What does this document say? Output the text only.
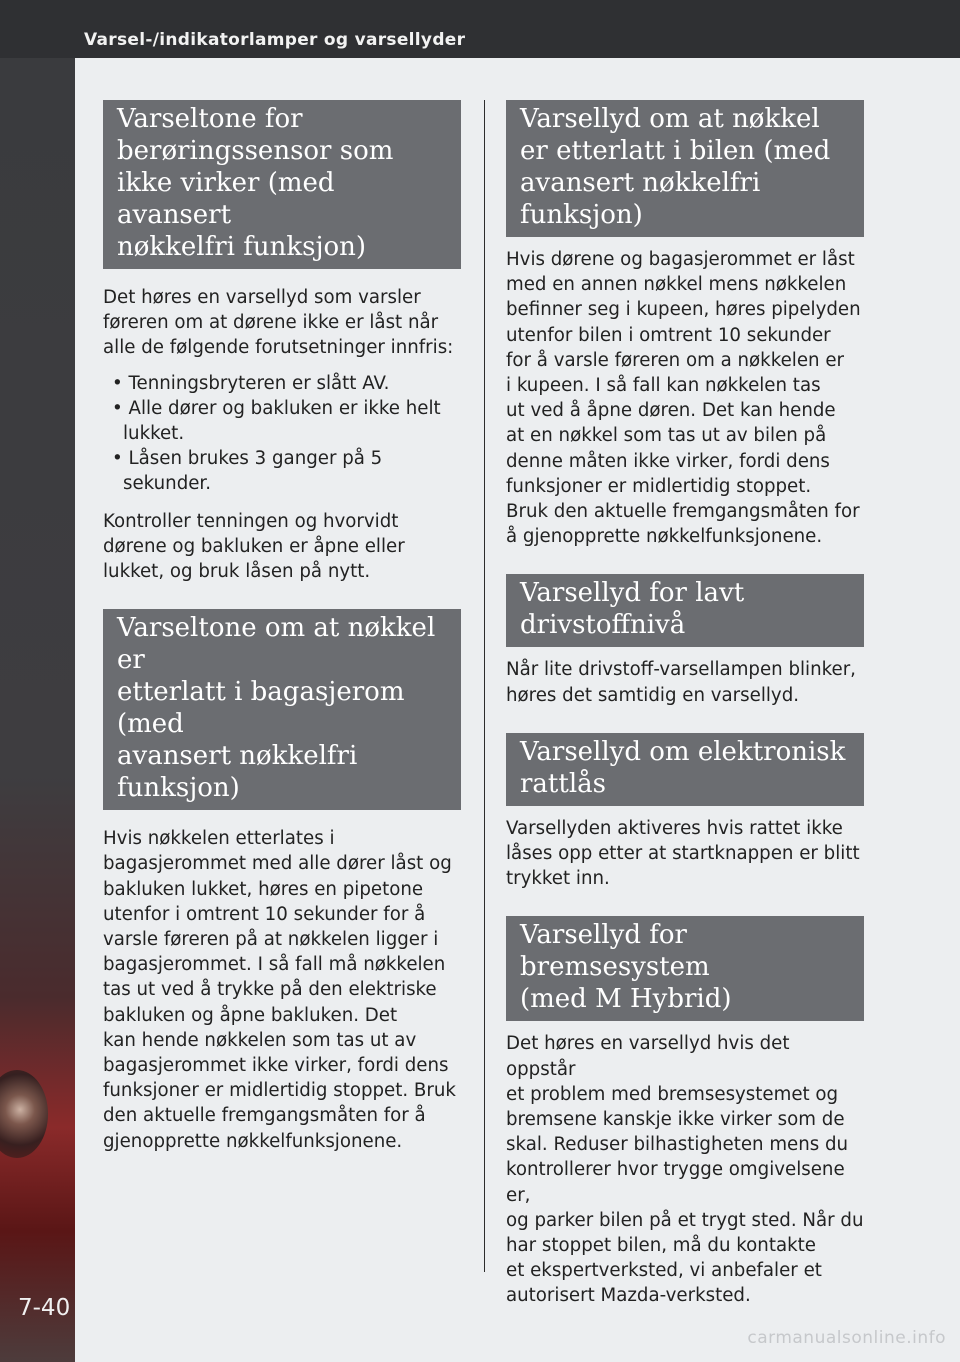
Varsel-/indikatorlamper og varsellyder
7-40
Varseltone for
berøringssensor som
ikke virker (med avansert
nøkkelfri funksjon)

Det høres en varsellyd som varsler
føreren om at dørene ikke er låst når
alle de følgende forutsetninger innfris:

• Tenningsbryteren er slått AV.
• Alle dører og bakluken er ikke helt
lukket.
• Låsen brukes 3 ganger på 5 sekunder.

Kontroller tenningen og hvorvidt
dørene og bakluken er åpne eller
lukket, og bruk låsen på nytt.

Varseltone om at nøkkel er
etterlatt i bagasjerom (med
avansert nøkkelfri funksjon)

Hvis nøkkelen etterlates i
bagasjerommet med alle dører låst og
bakluken lukket, høres en pipetone
utenfor i omtrent 10 sekunder for å
varsle føreren på at nøkkelen ligger i
bagasjerommet. I så fall må nøkkelen
tas ut ved å trykke på den elektriske
bakluken og åpne bakluken. Det
kan hende nøkkelen som tas ut av
bagasjerommet ikke virker, fordi dens
funksjoner er midlertidig stoppet. Bruk
den aktuelle fremgangsmåten for å
gjenopprette nøkkelfunksjonene.

Varsellyd om at nøkkel
er etterlatt i bilen (med
avansert nøkkelfri funksjon)

Hvis dørene og bagasjerommet er låst
med en annen nøkkel mens nøkkelen
befinner seg i kupeen, høres pipelyden
utenfor bilen i omtrent 10 sekunder
for å varsle føreren om a nøkkelen er
i kupeen. I så fall kan nøkkelen tas
ut ved å åpne døren. Det kan hende
at en nøkkel som tas ut av bilen på
denne måten ikke virker, fordi dens
funksjoner er midlertidig stoppet.
Bruk den aktuelle fremgangsmåten for
å gjenopprette nøkkelfunksjonene.

Varsellyd for lavt
drivstoffnivå

Når lite drivstoff-varsellampen blinker,
høres det samtidig en varsellyd.

Varsellyd om elektronisk
rattlås

Varsellyden aktiveres hvis rattet ikke
låses opp etter at startknappen er blitt
trykket inn.

Varsellyd for bremsesystem
(med M Hybrid)

Det høres en varsellyd hvis det oppstår
et problem med bremsesystemet og
bremsene kanskje ikke virker som de
skal. Reduser bilhastigheten mens du
kontrollerer hvor trygge omgivelsene er,
og parker bilen på et trygt sted. Når du
har stoppet bilen, må du kontakte
et ekspertverksted, vi anbefaler et
autorisert Mazda-verksted.

carmanualsonline.info
